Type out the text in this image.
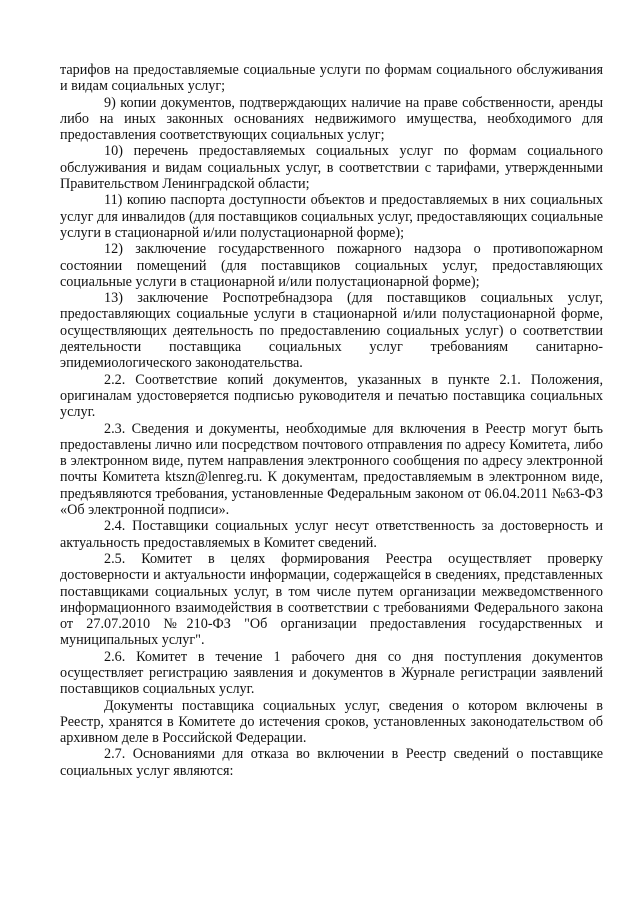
тарифов на предоставляемые социальные услуги по формам социального обслуживания и видам социальных услуг;

9) копии документов, подтверждающих наличие на праве собственности, аренды либо на иных законных основаниях недвижимого имущества, необходимого для предоставления соответствующих социальных услуг;

10) перечень предоставляемых социальных услуг по формам социального обслуживания и видам социальных услуг, в соответствии с тарифами, утвержденными Правительством Ленинградской области;

11) копию паспорта доступности объектов и предоставляемых в них социальных услуг для инвалидов (для поставщиков социальных услуг, предоставляющих социальные услуги в стационарной и/или полустационарной форме);

12) заключение государственного пожарного надзора о противопожарном состоянии помещений (для поставщиков социальных услуг, предоставляющих социальные услуги в стационарной и/или полустационарной форме);

13) заключение Роспотребнадзора (для поставщиков социальных услуг, предоставляющих социальные услуги в стационарной и/или полустационарной форме, осуществляющих деятельность по предоставлению социальных услуг) о соответствии деятельности поставщика социальных услуг требованиям санитарно-эпидемиологического законодательства.

2.2. Соответствие копий документов, указанных в пункте 2.1. Положения, оригиналам удостоверяется подписью руководителя и печатью поставщика социальных услуг.

2.3. Сведения и документы, необходимые для включения в Реестр могут быть предоставлены лично или посредством почтового отправления по адресу Комитета, либо в электронном виде, путем направления электронного сообщения по адресу электронной почты Комитета ktszn@lenreg.ru. К документам, предоставляемым в электронном виде, предъявляются требования, установленные Федеральным законом от 06.04.2011 №63-ФЗ «Об электронной подписи».

2.4. Поставщики социальных услуг несут ответственность за достоверность и актуальность предоставляемых в Комитет сведений.

2.5. Комитет в целях формирования Реестра осуществляет проверку достоверности и актуальности информации, содержащейся в сведениях, представленных поставщиками социальных услуг, в том числе путем организации межведомственного информационного взаимодействия в соответствии с требованиями Федерального закона от 27.07.2010 №210-ФЗ "Об организации предоставления государственных и муниципальных услуг".

2.6. Комитет в течение 1 рабочего дня со дня поступления документов осуществляет регистрацию заявления и документов в Журнале регистрации заявлений поставщиков социальных услуг.

Документы поставщика социальных услуг, сведения о котором включены в Реестр, хранятся в Комитете до истечения сроков, установленных законодательством об архивном деле в Российской Федерации.

2.7. Основаниями для отказа во включении в Реестр сведений о поставщике социальных услуг являются:
